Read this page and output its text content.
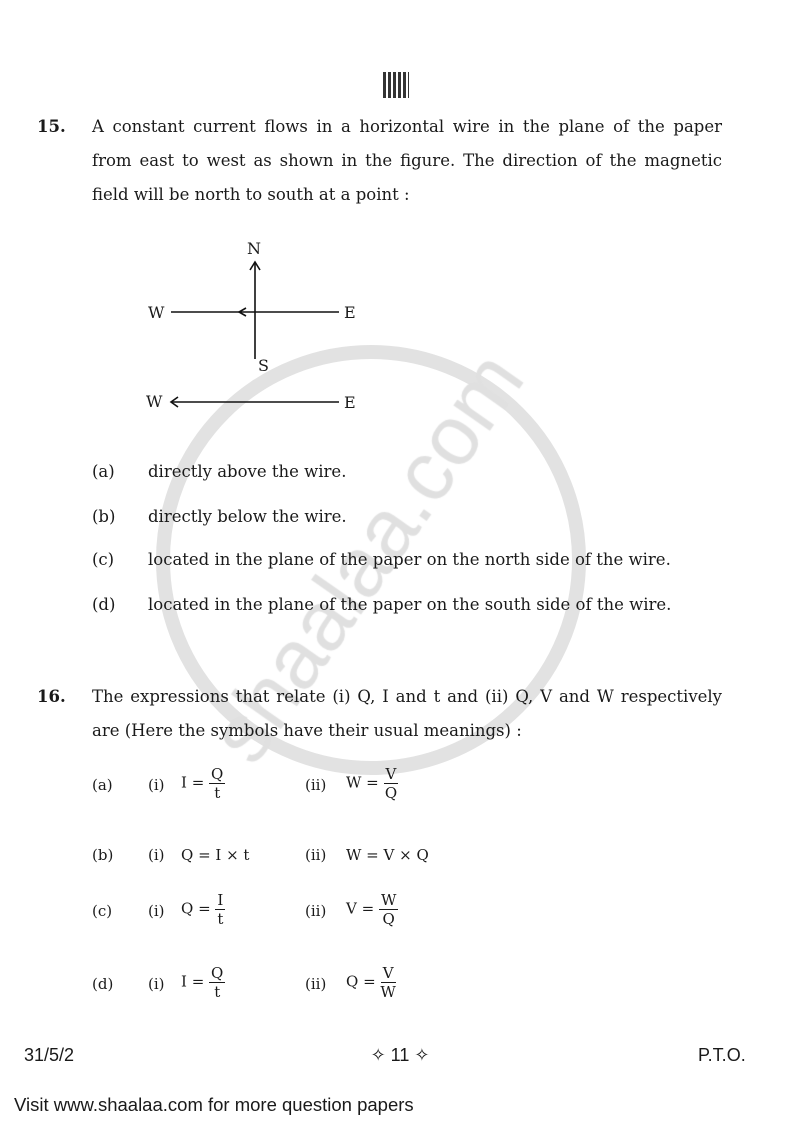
15. A constant current flows in a horizontal wire in the plane of the paper from east to west as shown in the figure. The direction of the magnetic field will be north to south at a point :
N
S
W	E
W	E
(a) directly above the wire.
(b) directly below the wire.
(c) located in the plane of the paper on the north side of the wire.
(d) located in the plane of the paper on the south side of the wire.
16. The expressions that relate (i) Q, I and t and (ii) Q, V and W respectively are (Here the symbols have their usual meanings) :
(a) (i) $I = \frac{Q}{t}$	(ii) $W = \frac{V}{Q}$
(b) (i) Q = I × t	(ii) W = V × Q
(c) (i) $Q = \frac{I}{t}$	(ii) $V = \frac{W}{Q}$
(d) (i) $I = \frac{Q}{t}$	(ii) $Q = \frac{V}{W}$
31/5/2	✧ 11 ✧	P.T.O.
Visit www.shaalaa.com for more question papers
